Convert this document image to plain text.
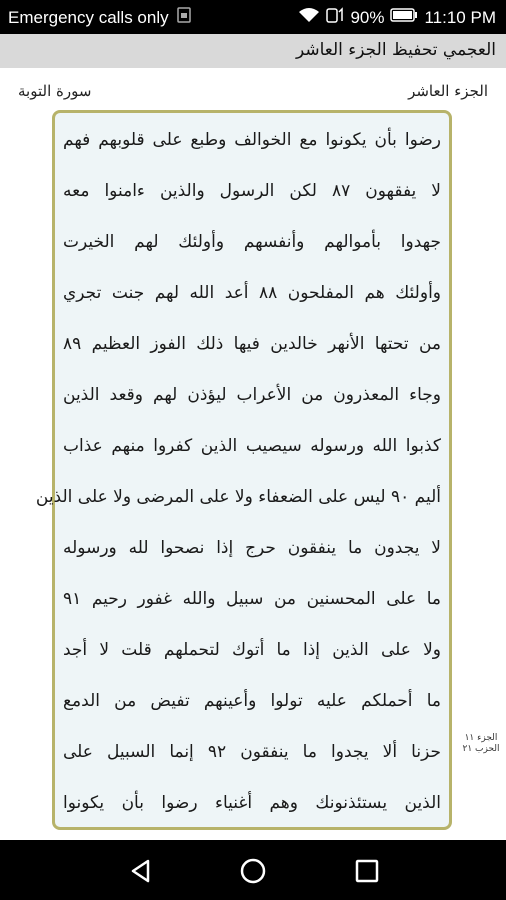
Emergency calls only	90% 11:10 PM
العجمي تحفيظ الجزء العاشر
سورة التوبة	الجزء العاشر
رضوا بأن يكونوا مع الخوالف وطبع على قلوبهم فهم
لا يفقهون ٨٧ لكن الرسول والذين ءامنوا معه
جهدوا بأموالهم وأنفسهم وأولئك لهم الخيرت
وأولئك هم المفلحون ٨٨ أعد الله لهم جنت تجري
من تحتها الأنهر خالدين فيها ذلك الفوز العظيم ٨٩
وجاء المعذرون من الأعراب ليؤذن لهم وقعد الذين
كذبوا الله ورسوله سيصيب الذين كفروا منهم عذاب
أليم ٩٠ ليس على الضعفاء ولا على المرضى ولا على الذين
لا يجدون ما ينفقون حرج إذا نصحوا لله ورسوله
ما على المحسنين من سبيل والله غفور رحيم ٩١
ولا على الذين إذا ما أتوك لتحملهم قلت لا أجد
ما أحملكم عليه تولوا وأعينهم تفيض من الدمع
حزنا ألا يجدوا ما ينفقون ٩٢ إنما السبيل على
الذين يستئذنونك وهم أغنياء رضوا بأن يكونوا
الجزء ١١ الحزب ٢١
